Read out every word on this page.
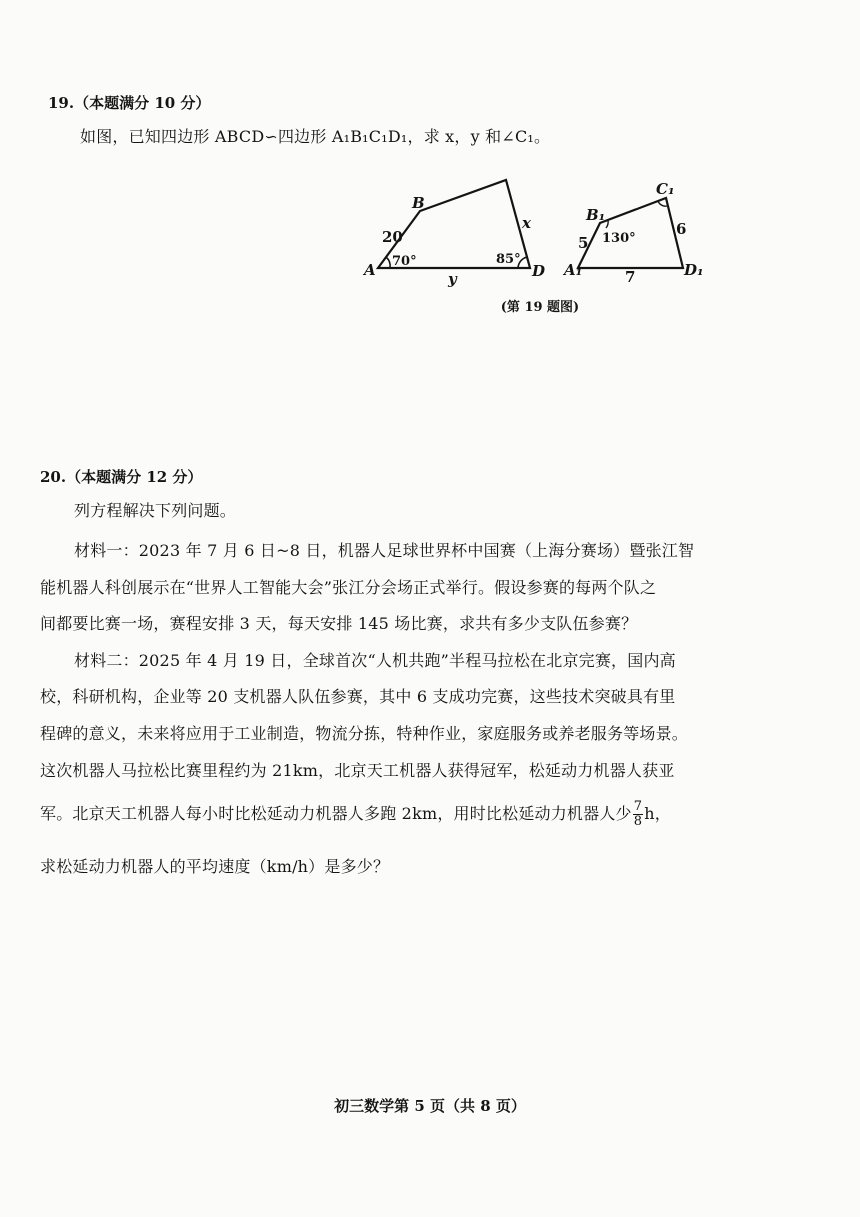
19.（本题满分 10 分）
如图，已知四边形 ABCD∽四边形 A₁B₁C₁D₁，求 x，y 和∠C₁。
A
B
D
20
x
y
70°	85°
A₁
B₁
C₁
D₁
5
6
7
130°
(第 19 题图)
20.（本题满分 12 分）
列方程解决下列问题。
材料一：2023 年 7 月 6 日~8 日，机器人足球世界杯中国赛（上海分赛场）暨张江智
能机器人科创展示在“世界人工智能大会”张江分会场正式举行。假设参赛的每两个队之
间都要比赛一场，赛程安排 3 天，每天安排 145 场比赛，求共有多少支队伍参赛？
材料二：2025 年 4 月 19 日，全球首次“人机共跑”半程马拉松在北京完赛，国内高
校，科研机构，企业等 20 支机器人队伍参赛，其中 6 支成功完赛，这些技术突破具有里
程碑的意义，未来将应用于工业制造，物流分拣，特种作业，家庭服务或养老服务等场景。
这次机器人马拉松比赛里程约为 21km，北京天工机器人获得冠军，松延动力机器人获亚
军。北京天工机器人每小时比松延动力机器人多跑 2km，用时比松延动力机器人少 $\frac{7}{8}$ h，
求松延动力机器人的平均速度（km/h）是多少？
初三数学第 5 页（共 8 页）
